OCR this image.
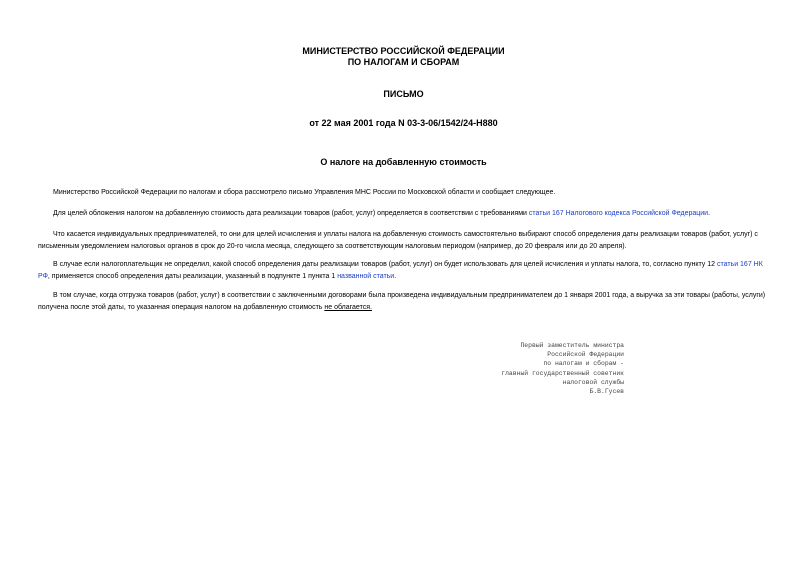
МИНИСТЕРСТВО РОССИЙСКОЙ ФЕДЕРАЦИИ
ПО НАЛОГАМ И СБОРАМ
ПИСЬМО
от 22 мая 2001 года N 03-3-06/1542/24-Н880
О налоге на добавленную стоимость
Министерство Российской Федерации по налогам и сбора рассмотрело письмо Управления МНС России по Московской области и сообщает следующее.
Для целей обложения налогом на добавленную стоимость дата реализации товаров (работ, услуг) определяется в соответствии с требованиями статьи 167 Налогового кодекса Российской Федерации.
Что касается индивидуальных предпринимателей, то они для целей исчисления и уплаты налога на добавленную стоимость самостоятельно выбирают способ определения даты реализации товаров (работ, услуг) с письменным уведомлением налоговых органов в срок до 20-го числа месяца, следующего за соответствующим налоговым периодом (например, до 20 февраля или до 20 апреля).
В случае если налогоплательщик не определил, какой способ определения даты реализации товаров (работ, услуг) он будет использовать для целей исчисления и уплаты налога, то, согласно пункту 12 статьи 167 НК РФ, применяется способ определения даты реализации, указанный в подпункте 1 пункта 1 названной статьи.
В том случае, когда отгрузка товаров (работ, услуг) в соответствии с заключенными договорами была произведена индивидуальным предпринимателем до 1 января 2001 года, а выручка за эти товары (работы, услуги) получена после этой даты, то указанная операция налогом на добавленную стоимость не облагается.
Первый заместитель министра
Российской Федерации
по налогам и сборам -
главный государственный советник
налоговой службы
Б.В.Гусев
